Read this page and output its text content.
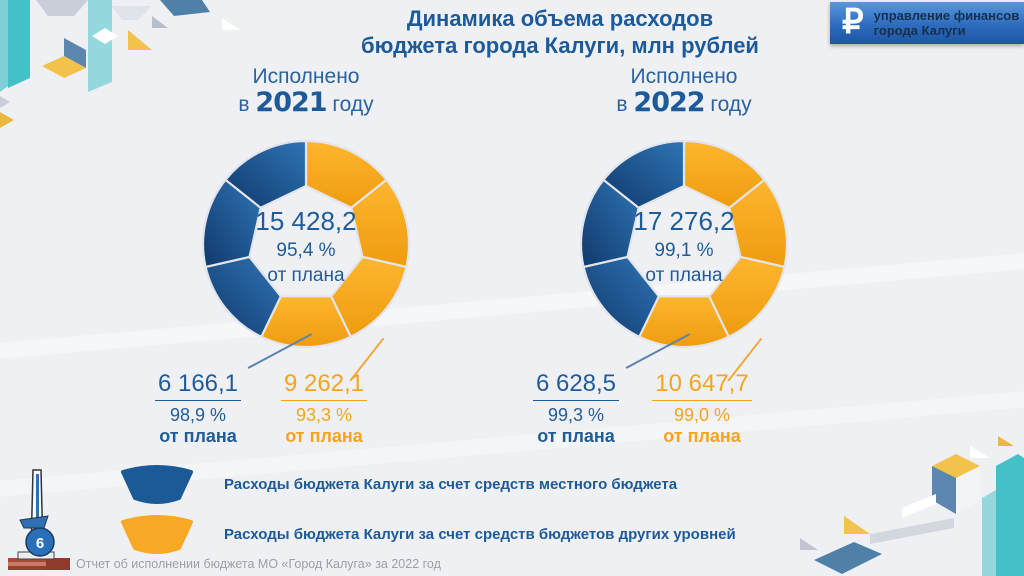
Динамика объема расходов
бюджета города Калуги, млн рублей
₽ управление финансов
города Калуги
Исполнено
в 2021 году
15 428,2
95,4 %
от плана
6 166,1
98,9 %
от плана
9 262,1
93,3 %
от плана
Исполнено
в 2022 году
17 276,2
99,1 %
от плана
6 628,5
99,3 %
от плана
10 647,7
99,0 %
от плана
Расходы бюджета Калуги за счет средств местного бюджета
Расходы бюджета Калуги за счет средств бюджетов других уровней
6
Отчет об исполнении бюджета МО «Город Калуга» за 2022 год
